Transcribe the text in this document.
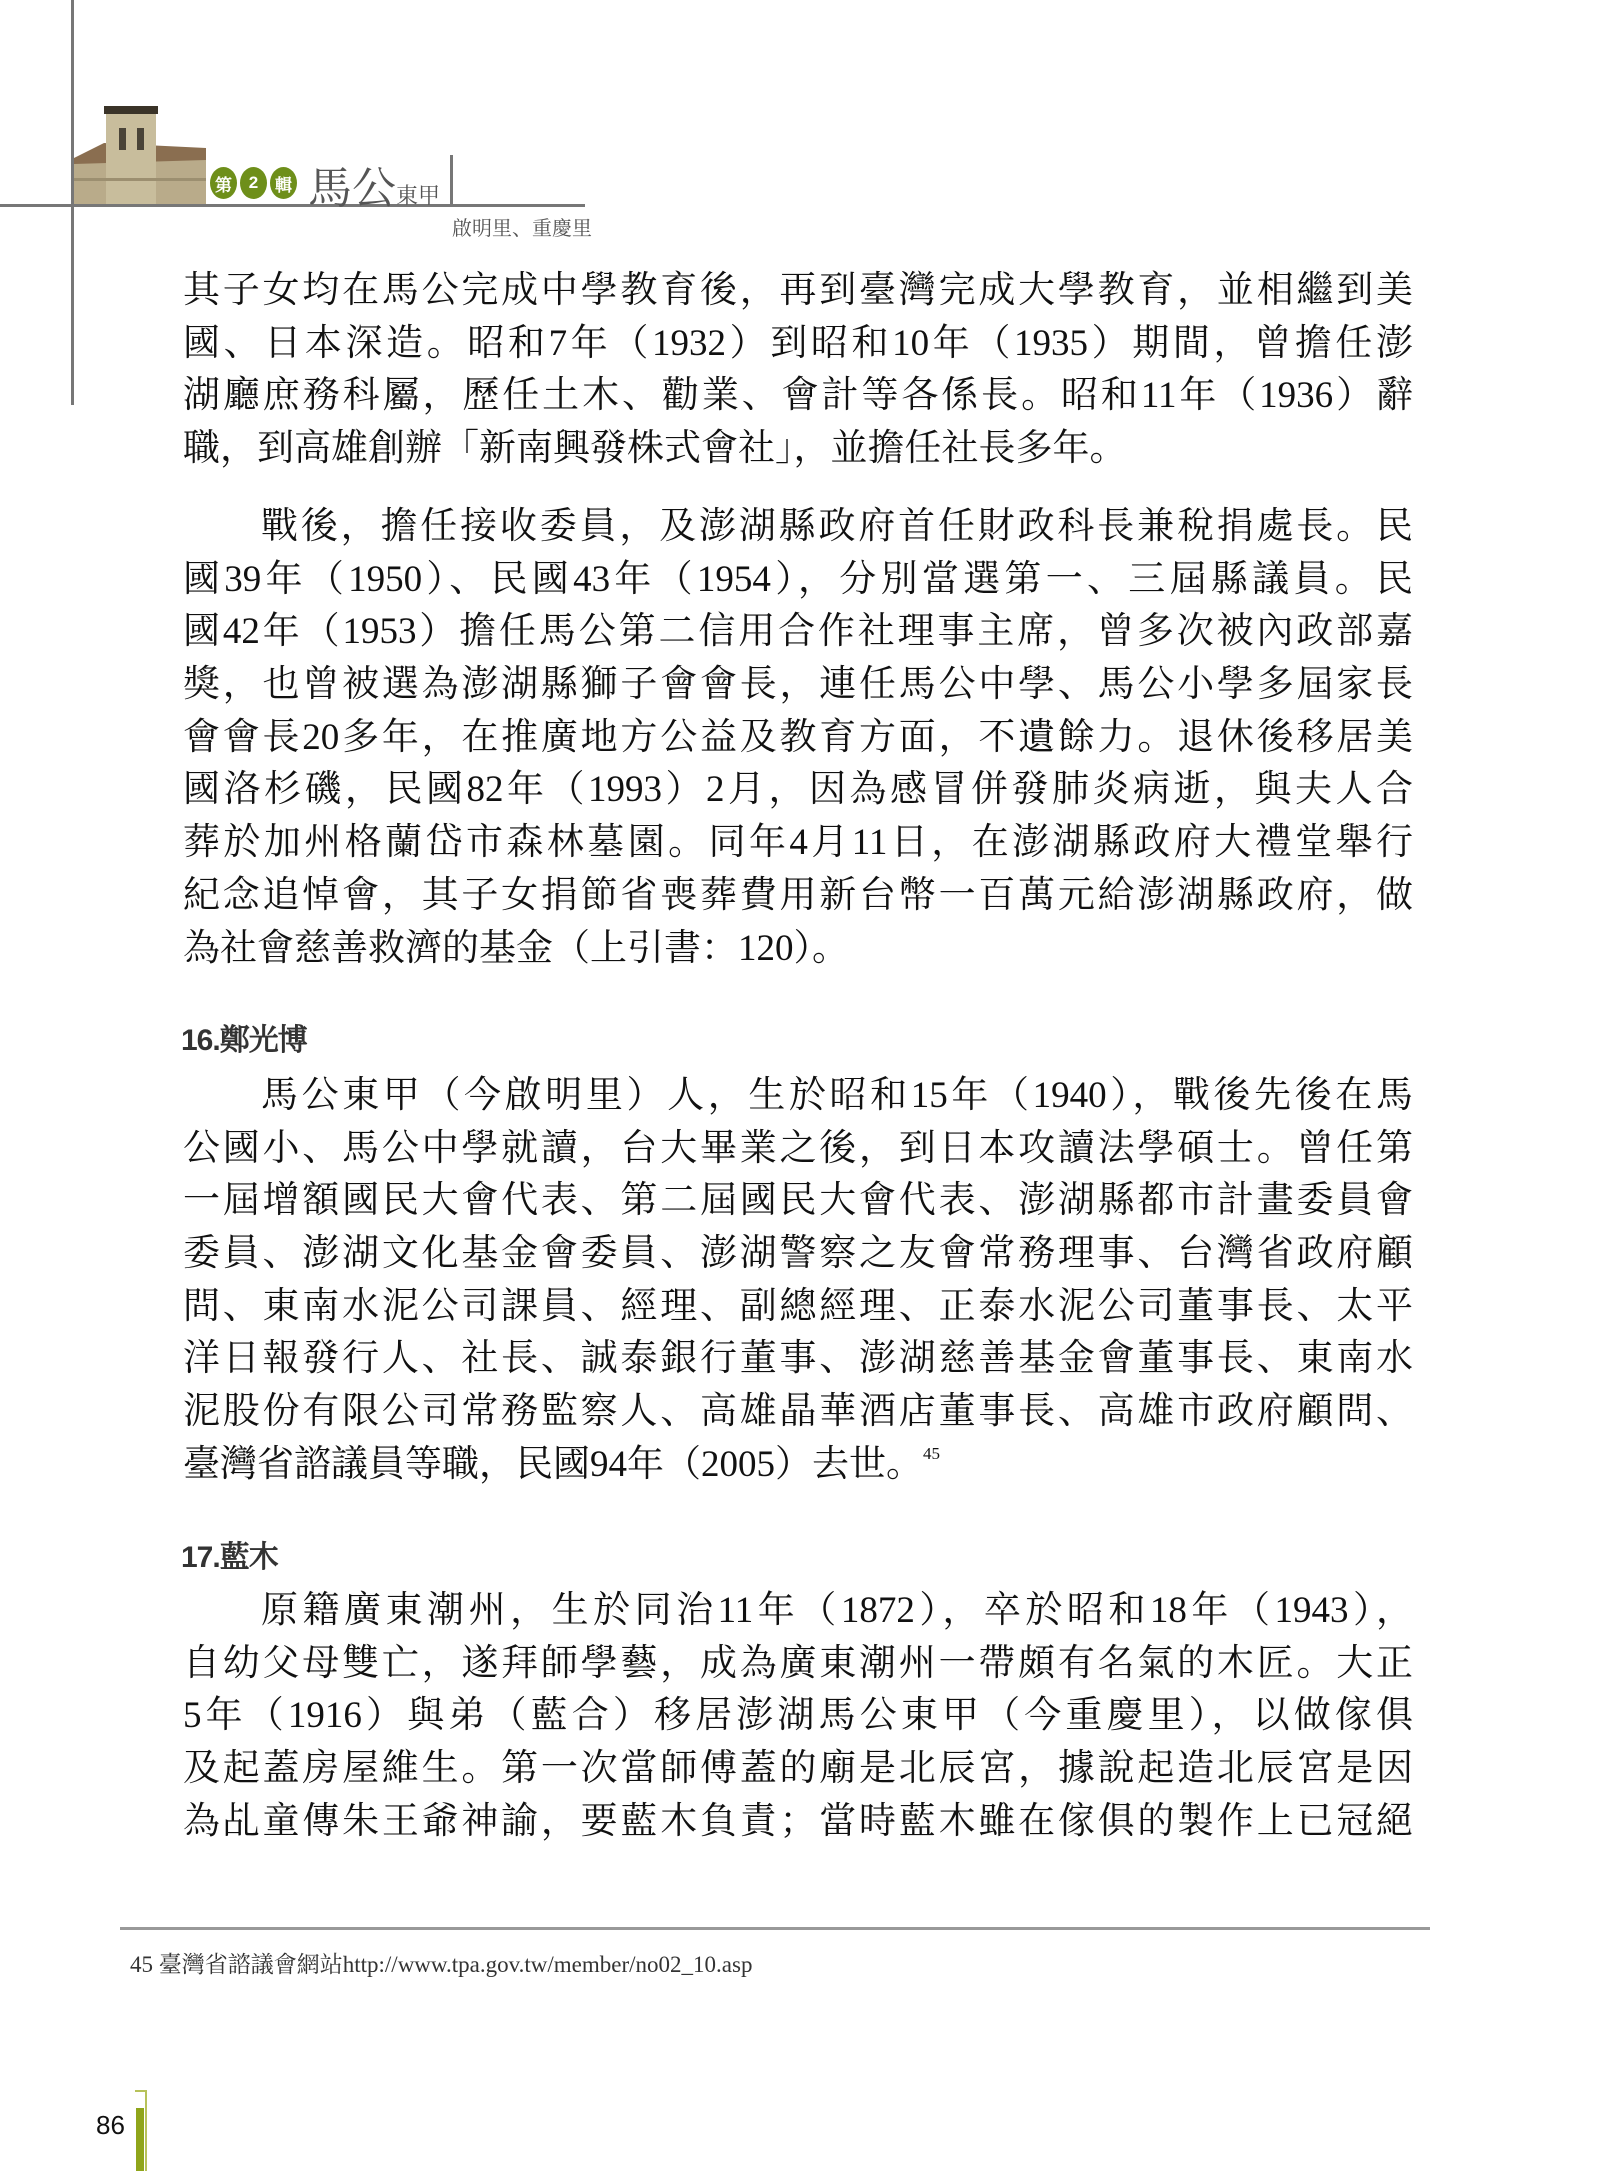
第 2 輯 馬公東甲
啟明里、重慶里
其子女均在馬公完成中學教育後，再到臺灣完成大學教育，並相繼到美
國、日本深造。昭和7年（1932）到昭和10年（1935）期間，曾擔任澎
湖廳庶務科屬，歷任土木、勸業、會計等各係長。昭和11年（1936）辭
職，到高雄創辦「新南興發株式會社」，並擔任社長多年。
戰後，擔任接收委員，及澎湖縣政府首任財政科長兼稅捐處長。民
國39年（1950）、民國43年（1954），分別當選第一、三屆縣議員。民
國42年（1953）擔任馬公第二信用合作社理事主席，曾多次被內政部嘉
獎，也曾被選為澎湖縣獅子會會長，連任馬公中學、馬公小學多屆家長
會會長20多年，在推廣地方公益及教育方面，不遺餘力。退休後移居美
國洛杉磯，民國82年（1993）2月，因為感冒併發肺炎病逝，與夫人合
葬於加州格蘭岱市森林墓園。同年4月11日，在澎湖縣政府大禮堂舉行
紀念追悼會，其子女捐節省喪葬費用新台幣一百萬元給澎湖縣政府，做
為社會慈善救濟的基金（上引書：120）。
16.鄭光博
馬公東甲（今啟明里）人，生於昭和15年（1940），戰後先後在馬
公國小、馬公中學就讀，台大畢業之後，到日本攻讀法學碩士。曾任第
一屆增額國民大會代表、第二屆國民大會代表、澎湖縣都市計畫委員會
委員、澎湖文化基金會委員、澎湖警察之友會常務理事、台灣省政府顧
問、東南水泥公司課員、經理、副總經理、正泰水泥公司董事長、太平
洋日報發行人、社長、誠泰銀行董事、澎湖慈善基金會董事長、東南水
泥股份有限公司常務監察人、高雄晶華酒店董事長、高雄市政府顧問、
臺灣省諮議員等職，民國94年（2005）去世。$^{45}$
17.藍木
原籍廣東潮州，生於同治11年（1872），卒於昭和18年（1943），
自幼父母雙亡，遂拜師學藝，成為廣東潮州一帶頗有名氣的木匠。大正
5年（1916）與弟（藍合）移居澎湖馬公東甲（今重慶里），以做傢俱
及起蓋房屋維生。第一次當師傅蓋的廟是北辰宮，據說起造北辰宮是因
為乩童傳朱王爺神諭，要藍木負責；當時藍木雖在傢俱的製作上已冠絕
45 臺灣省諮議會網站http://www.tpa.gov.tw/member/no02_10.asp
86
